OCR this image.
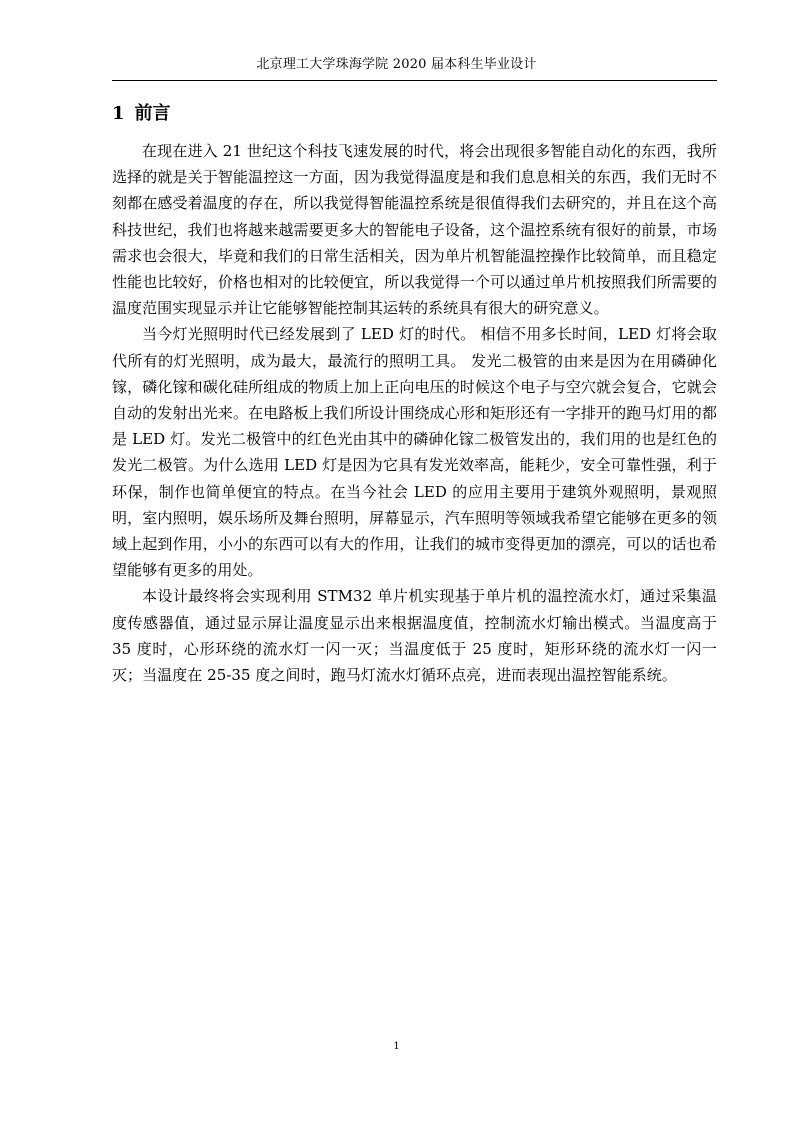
北京理工大学珠海学院 2020 届本科生毕业设计
1 前言

在现在进入 21 世纪这个科技飞速发展的时代，将会出现很多智能自动化的东西，我所选择的就是关于智能温控这一方面，因为我觉得温度是和我们息息相关的东西，我们无时不刻都在感受着温度的存在，所以我觉得智能温控系统是很值得我们去研究的，并且在这个高科技世纪，我们也将越来越需要更多大的智能电子设备，这个温控系统有很好的前景，市场需求也会很大，毕竟和我们的日常生活相关，因为单片机智能温控操作比较简单，而且稳定性能也比较好，价格也相对的比较便宜，所以我觉得一个可以通过单片机按照我们所需要的温度范围实现显示并让它能够智能控制其运转的系统具有很大的研究意义。

当今灯光照明时代已经发展到了 LED 灯的时代。 相信不用多长时间，LED 灯将会取代所有的灯光照明，成为最大，最流行的照明工具。 发光二极管的由来是因为在用磷砷化镓，磷化镓和碳化硅所组成的物质上加上正向电压的时候这个电子与空穴就会复合，它就会自动的发射出光来。在电路板上我们所设计围绕成心形和矩形还有一字排开的跑马灯用的都是 LED 灯。发光二极管中的红色光由其中的磷砷化镓二极管发出的，我们用的也是红色的发光二极管。为什么选用 LED 灯是因为它具有发光效率高，能耗少，安全可靠性强，利于环保，制作也简单便宜的特点。在当今社会 LED 的应用主要用于建筑外观照明，景观照明，室内照明，娱乐场所及舞台照明，屏幕显示，汽车照明等领域我希望它能够在更多的领域上起到作用，小小的东西可以有大的作用，让我们的城市变得更加的漂亮，可以的话也希望能够有更多的用处。

本设计最终将会实现利用 STM32 单片机实现基于单片机的温控流水灯，通过采集温度传感器值，通过显示屏让温度显示出来根据温度值，控制流水灯输出模式。当温度高于 35 度时，心形环绕的流水灯一闪一灭；当温度低于 25 度时，矩形环绕的流水灯一闪一灭；当温度在 25-35 度之间时，跑马灯流水灯循环点亮，进而表现出温控智能系统。

1
